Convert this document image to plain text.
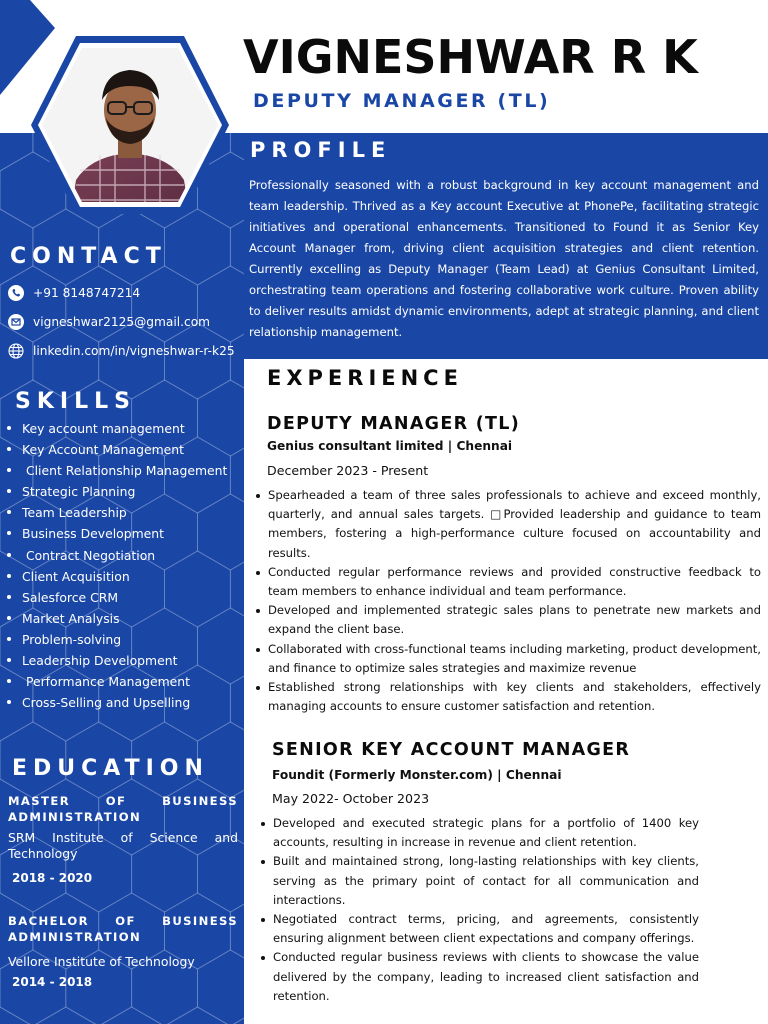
VIGNESHWAR R K
DEPUTY MANAGER (TL)
PROFILE
Professionally seasoned with a robust background in key account management and team leadership. Thrived as a Key account Executive at PhonePe, facilitating strategic initiatives and operational enhancements. Transitioned to Found it as Senior Key Account Manager from, driving client acquisition strategies and client retention. Currently excelling as Deputy Manager (Team Lead) at Genius Consultant Limited, orchestrating team operations and fostering collaborative work culture. Proven ability to deliver results amidst dynamic environments, adept at strategic planning, and client relationship management.
CONTACT
+91 8148747214
vigneshwar2125@gmail.com
linkedin.com/in/vigneshwar-r-k25
SKILLS
Key account management
Key Account Management
Client Relationship Management
Strategic Planning
Team Leadership
Business Development
Contract Negotiation
Client Acquisition
Salesforce CRM
Market Analysis
Problem-solving
Leadership Development
Performance Management
Cross-Selling and Upselling
EDUCATION
MASTER	OF	BUSINESS
ADMINISTRATION
SRM Institute of Science and Technology
2018 - 2020
BACHELOR OF BUSINESS
ADMINISTRATION
Vellore Institute of Technology
2014 - 2018
EXPERIENCE
DEPUTY MANAGER (TL)
Genius consultant limited | Chennai
December 2023 - Present
Spearheaded a team of three sales professionals to achieve and exceed monthly, quarterly, and annual sales targets. □Provided leadership and guidance to team members, fostering a high-performance culture focused on accountability and results.
Conducted regular performance reviews and provided constructive feedback to team members to enhance individual and team performance.
Developed and implemented strategic sales plans to penetrate new markets and expand the client base.
Collaborated with cross-functional teams including marketing, product development, and finance to optimize sales strategies and maximize revenue
Established strong relationships with key clients and stakeholders, effectively managing accounts to ensure customer satisfaction and retention.
SENIOR KEY ACCOUNT MANAGER
Foundit (Formerly Monster.com) | Chennai
May 2022- October 2023
Developed and executed strategic plans for a portfolio of 1400 key accounts, resulting in increase in revenue and client retention.
Built and maintained strong, long-lasting relationships with key clients, serving as the primary point of contact for all communication and interactions.
Negotiated contract terms, pricing, and agreements, consistently ensuring alignment between client expectations and company offerings.
Conducted regular business reviews with clients to showcase the value delivered by the company, leading to increased client satisfaction and retention.
